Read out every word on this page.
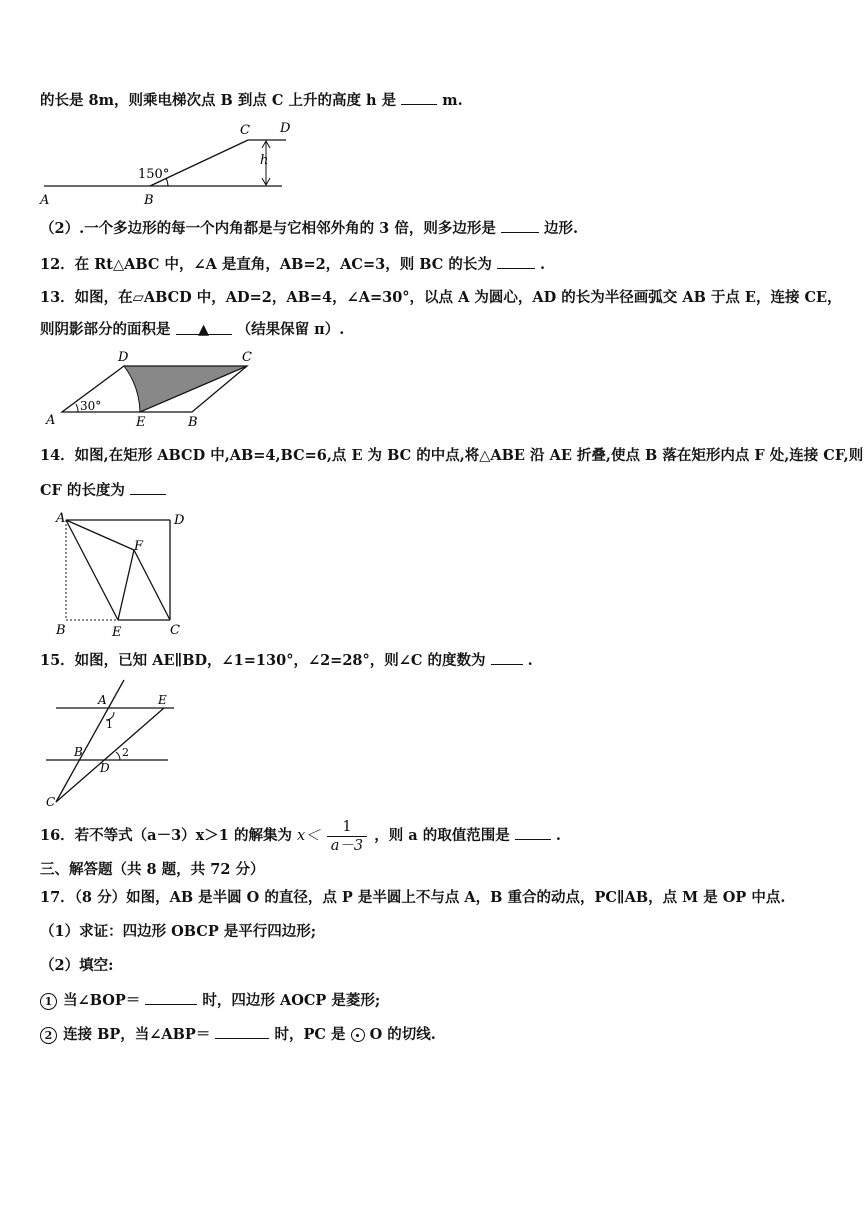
的长是 8m，则乘电梯次点 B 到点 C 上升的高度 h 是	m.
A	B
C D
h
150°
（2）.一个多边形的每一个内角都是与它相邻外角的 3 倍，则多边形是	边形.
12．在 Rt△ABC 中，∠A 是直角，AB=2，AC=3，则 BC 的长为	.
13．如图，在▱ABCD 中，AD=2，AB=4，∠A=30°，以点 A 为圆心，AD 的长为半径画弧交 AB 于点 E，连接 CE，
则阴影部分的面积是 ▲ （结果保留 π）.
A	B
C
D
E
30°
14．如图,在矩形 ABCD 中,AB=4,BC=6,点 E 为 BC 的中点,将△ABE 沿 AE 折叠,使点 B 落在矩形内点 F 处,连接 CF,则
CF 的长度为
A	D
B	E	C
F
15．如图，已知 AE∥BD，∠1=130°，∠2=28°，则∠C 的度数为	.
A	E
B
D
C
1
2
16．若不等式（a－3）x＞1 的解集为 $x< \frac{1}{a-3}$ ，则 a 的取值范围是	.
三、解答题（共 8 题，共 72 分）
17．（8 分）如图，AB 是半圆 O 的直径，点 P 是半圆上不与点 A，B 重合的动点，PC∥AB，点 M 是 OP 中点.
（1）求证：四边形 OBCP 是平行四边形;
（2）填空:
1 当∠BOP＝	时，四边形 AOCP 是菱形;
2 连接 BP，当∠ABP＝	时，PC 是 O 的切线.
